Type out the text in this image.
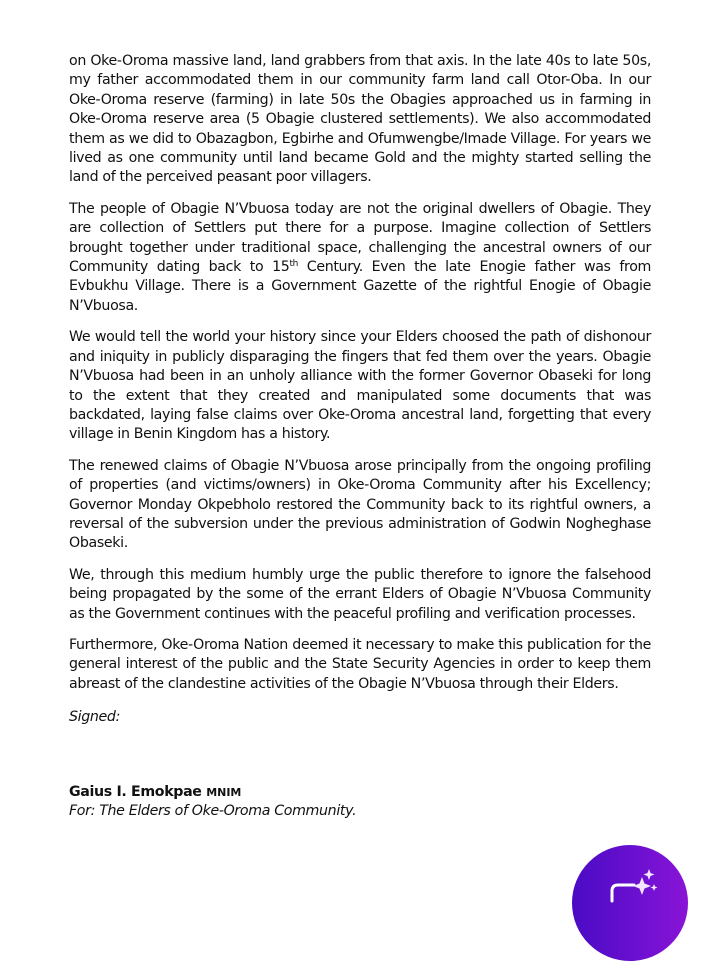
on Oke-Oroma massive land, land grabbers from that axis. In the late 40s to late 50s, my father accommodated them in our community farm land call Otor-Oba. In our Oke-Oroma reserve (farming) in late 50s the Obagies approached us in farming in Oke-Oroma reserve area (5 Obagie clustered settlements). We also accommodated them as we did to Obazagbon, Egbirhe and Ofumwengbe/Imade Village. For years we lived as one community until land became Gold and the mighty started selling the land of the perceived peasant poor villagers.

The people of Obagie N’Vbuosa today are not the original dwellers of Obagie. They are collection of Settlers put there for a purpose. Imagine collection of Settlers brought together under traditional space, challenging the ancestral owners of our Community dating back to 15th Century. Even the late Enogie father was from Evbukhu Village. There is a Government Gazette of the rightful Enogie of Obagie N’Vbuosa.

We would tell the world your history since your Elders choosed the path of dishonour and iniquity in publicly disparaging the fingers that fed them over the years. Obagie N’Vbuosa had been in an unholy alliance with the former Governor Obaseki for long to the extent that they created and manipulated some documents that was backdated, laying false claims over Oke-Oroma ancestral land, forgetting that every village in Benin Kingdom has a history.

The renewed claims of Obagie N’Vbuosa arose principally from the ongoing profiling of properties (and victims/owners) in Oke-Oroma Community after his Excellency; Governor Monday Okpebholo restored the Community back to its rightful owners, a reversal of the subversion under the previous administration of Godwin Nogheghase Obaseki.

We, through this medium humbly urge the public therefore to ignore the falsehood being propagated by the some of the errant Elders of Obagie N’Vbuosa Community as the Government continues with the peaceful profiling and verification processes.

Furthermore, Oke-Oroma Nation deemed it necessary to make this publication for the general interest of the public and the State Security Agencies in order to keep them abreast of the clandestine activities of the Obagie N’Vbuosa through their Elders.

Signed:

Gaius I. Emokpae MNIM

For: The Elders of Oke-Oroma Community.
